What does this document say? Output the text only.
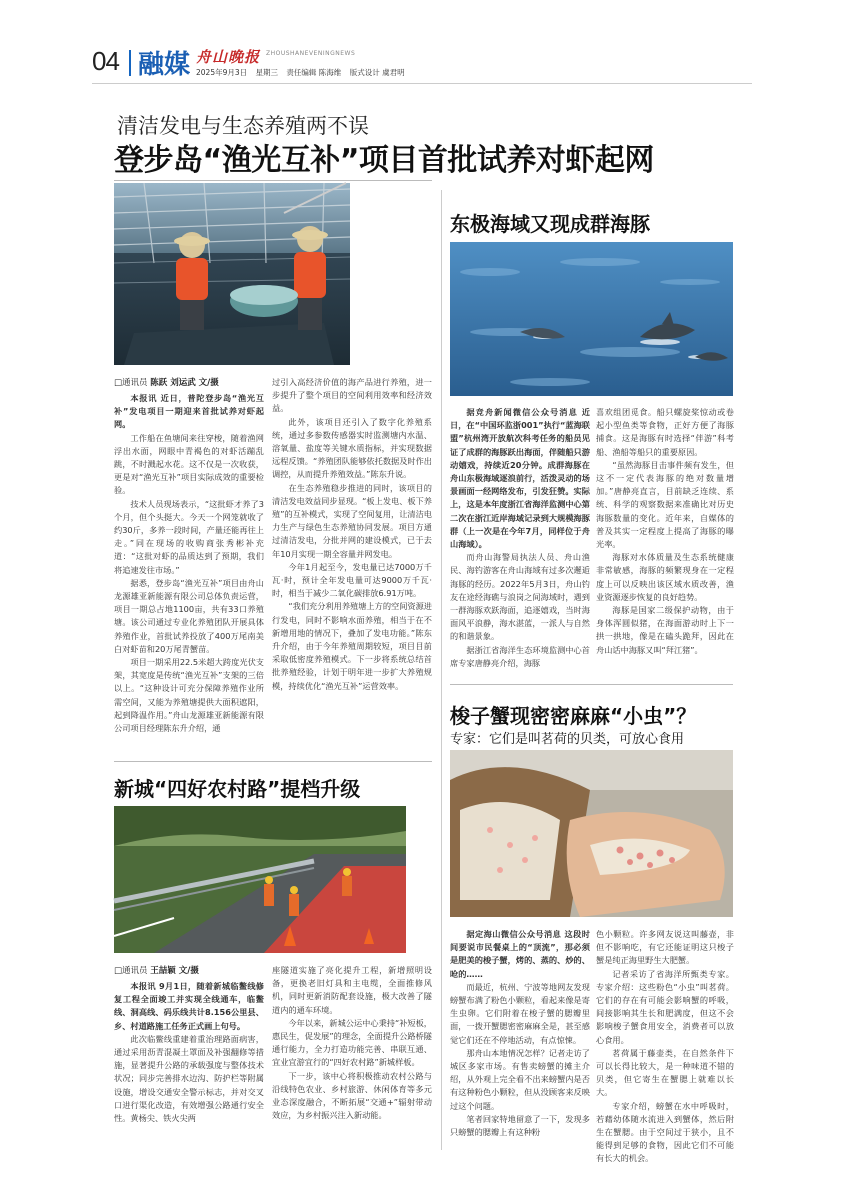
04 融媒 舟山晚报 ZHOUSHANEVENINGNEWS
2025年9月3日 星期三 责任编辑 陈海维 版式设计 虞君明
清洁发电与生态养殖两不误
登步岛“渔光互补”项目首批试养对虾起网
□通讯员 陈跃 刘运武 文/摄

本报讯 近日，普陀登步岛“渔光互补”发电项目一期迎来首批试养对虾起网。

工作船在鱼塘间来往穿梭，随着渔网浮出水面，网眼中青褐色的对虾活蹦乱跳，不时溅起水花。这不仅是一次收获，更是对“渔光互补”项目实际成效的重要检验。

技术人员现场表示，“这批虾才养了3个月，但个头挺大。今天一个网笼就收了约30斤，多养一段时间，产量还能再往上走。”同在现场的收购商张秀彬补充道：“这批对虾的品质达到了预期，我们将追速发往市场。”

据悉，登步岛“渔光互补”项目由舟山龙源雄亚新能源有限公司总体负责运营，项目一期总占地1100亩，共有33口养殖塘。该公司通过专业化养殖团队开展具体养殖作业，首批试养投放了400万尾南美白对虾苗和20万尾青蟹苗。

项目一期采用22.5米超大跨度光伏支架，其宽度是传统“渔光互补”支架的三倍以上。“这种设计可充分保障养殖作业所需空间，又能为养殖塘提供大面积遮阳，起到降温作用。”舟山龙源雄亚新能源有限公司项目经理陈东升介绍，通

过引入高经济价值的海产品进行养殖，进一步提升了整个项目的空间利用效率和经济效益。

此外，该项目还引入了数字化养殖系统，通过多参数传感器实时监测塘内水温、溶氧量、盐度等关键水质指标，并实现数据远程反馈。“养殖团队能够依托数据及时作出调控，从而提升养殖效益。”陈东升说。

在生态养殖稳步推进的同时，该项目的清洁发电效益同步显现。“板上发电、板下养殖”的互补模式，实现了空间复用，让清洁电力生产与绿色生态养殖协同发展。项目方通过清洁发电，分批并网的建设模式，已于去年10月实现一期全容量并网发电。

今年1月起至今，发电量已达7000万千瓦·时，预计全年发电量可达9000万千瓦·时，相当于减少二氧化碳排放6.91万吨。

“我们充分利用养殖塘上方的空间资源进行发电，同时不影响水面养殖，相当于在不新增用地的情况下，叠加了发电功能。”陈东升介绍，由于今年养殖周期较短，项目目前采取低密度养殖模式。下一步将系统总结首批养殖经验，计划于明年进一步扩大养殖规模，持续优化“渔光互补”运营效率。

新城“四好农村路”提档升级
□通讯员 王喆颖 文/摄

本报讯 9月1日，随着新城临鳖线修复工程全面竣工并实现全线通车，临鳖线、洞高线、码乐线共计8.156公里县、乡、村道路施工任务正式画上句号。

此次临鳖线重建着重治理路面病害，通过采用沥青混凝土罩面及补强翻修等措施，显著提升公路的承载强度与整体技术状况；同步完善排水边沟、防护栏等附属设施，增设交通安全警示标志，并对交叉口进行渠化改造，有效增强公路通行安全性。黄杨尖、铁火尖两

座隧道实施了亮化提升工程，新增照明设备，更换老旧灯具和主电缆，全面推修风机，同时更新消防配套设施，极大改善了隧道内的通车环境。

今年以来，新城公运中心秉持“补短板，惠民生，促发展”的理念，全面提升公路桥隧通行能力，全力打造功能完善、串联互通、宜业宜游宜行的“四好农村路”新城样板。

下一步，该中心将积极推动农村公路与沿线特色农业、乡村旅游、休闲体育等多元业态深度融合，不断拓展“交通+”辐射带动效应，为乡村振兴注入新动能。

东极海域又现成群海豚

据竞舟新闻微信公众号消息 近日，在“中国环监浙001”执行“蓝海联盟”杭州湾开放航次科考任务的船员见证了成群的海豚跃出海面，伴随船只游动嬉戏，持续近20分钟。成群海豚在舟山东极海域逐浪前行，活泼灵动的场景画面一经网络发布，引发狂赞。实际上，这是本年度浙江省海洋监测中心第二次在浙江近岸海域记录到大规模海豚群（上一次是在今年7月，同样位于舟山海域）。

而舟山海警局执法人员、舟山渔民、海钓游客在舟山海域有过多次邂逅海豚的经历。2022年5月3日，舟山钓友在途经海礁与浪岗之间海域时，遇到一群海豚欢跃海面，追逐嬉戏，当时海面风平浪静，海水湛蓝，一派人与自然的和谐景象。

据浙江省海洋生态环境监测中心首席专家唐静亮介绍，海豚

喜欢组团觅食。船只螺旋桨惊动或卷起小型鱼类等食物，正好方便了海豚捕食。这是海豚有时选择“伴游”科考船、渔船等船只的重要原因。

“虽然海豚目击事件频有发生，但这不一定代表海豚的绝对数量增加。”唐静亮直言，目前缺乏连续、系统、科学的观察数据来准确比对历史海豚数量的变化。近年来，自媒体的普及其实一定程度上提高了海豚的曝光率。

海豚对水体质量及生态系统健康非常敏感，海豚的频繁现身在一定程度上可以反映出该区域水质改善，渔业资源逐步恢复的良好趋势。

海豚是国家二级保护动物，由于身体浑圆似猪，在海面游动时上下一拱一拱地，像是在磕头跪拜，因此在舟山话中海豚又叫“拜江猪”。

梭子蟹现密密麻麻“小虫”？
专家：它们是叫茗荷的贝类，可放心食用

据定海山微信公众号消息 这段时间要说市民餐桌上的“顶流”，那必须是肥美的梭子蟹，烤的、蒸的、炒的、呛的……

而最近，杭州、宁波等地网友发现螃蟹布满了粉色小颗粒，看起来像是寄生虫卵。它们附着在梭子蟹的腮瓣里面，一拨开蟹腮密密麻麻全是，甚至感觉它们还在不停地活动，有点惊悚。

那舟山本地情况怎样？记者走访了城区多家市场。有售卖螃蟹的摊主介绍，从外观上完全看不出来螃蟹内是否有这种粉色小颗粒，但从没顾客来反映过这个问题。

笔者回家特地留意了一下，发现多只螃蟹的腮瓣上有这种粉

色小颗粒。许多网友说这叫藤壶，非但不影响吃，有它还能证明这只梭子蟹是纯正海里野生大肥蟹。

记者采访了省海洋所甄类专家。专家介绍：这些粉色“小虫”叫茗荷。它们的存在有可能会影响蟹的呼吸，间接影响其生长和肥满度，但这不会影响梭子蟹食用安全，消费者可以放心食用。

茗荷属于藤壶类，在自然条件下可以长得比较大，是一种味道不错的贝类，但它寄生在蟹腮上就难以长大。

专家介绍，螃蟹在水中呼吸时，若藉幼体随水流进入到蟹体，然后附生在蟹腮。由于空间过于狭小，且不能得到足够的食物，因此它们不可能有长大的机会。
